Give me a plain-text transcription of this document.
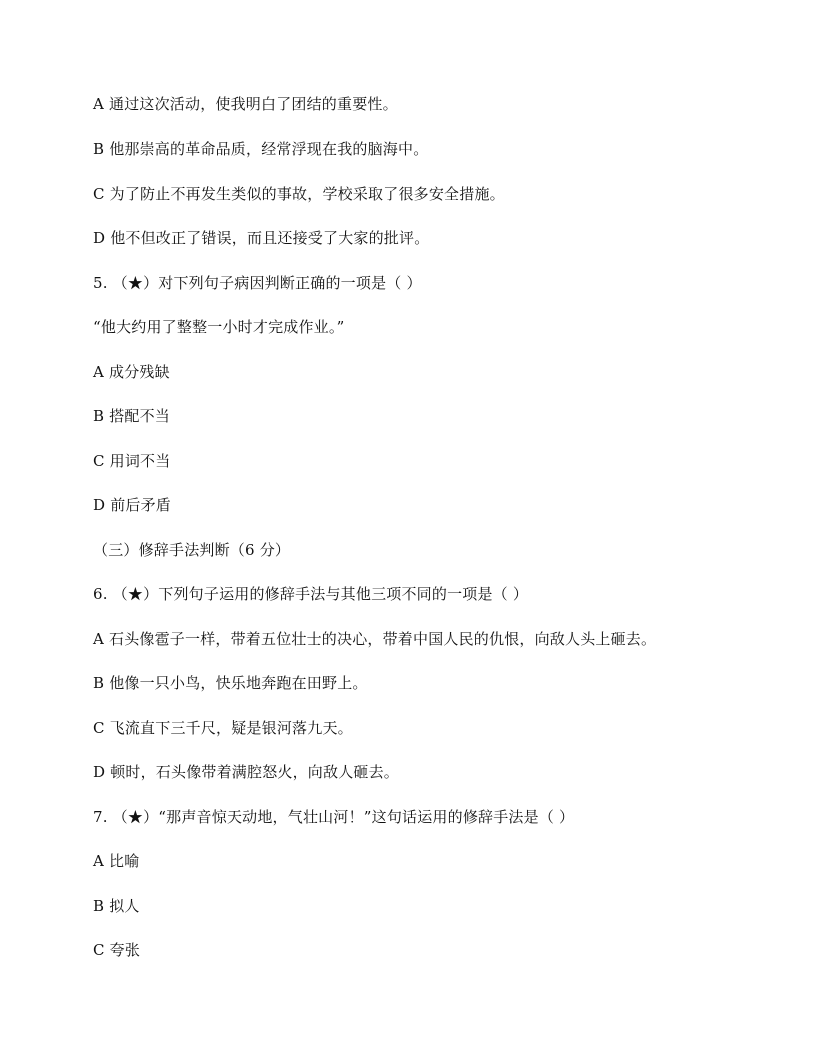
A 通过这次活动，使我明白了团结的重要性。
B 他那崇高的革命品质，经常浮现在我的脑海中。
C 为了防止不再发生类似的事故，学校采取了很多安全措施。
D 他不但改正了错误，而且还接受了大家的批评。
5. （★）对下列句子病因判断正确的一项是（ ）
“他大约用了整整一小时才完成作业。”
A 成分残缺
B 搭配不当
C 用词不当
D 前后矛盾
（三）修辞手法判断（6 分）
6. （★）下列句子运用的修辞手法与其他三项不同的一项是（ ）
A 石头像雹子一样，带着五位壮士的决心，带着中国人民的仇恨，向敌人头上砸去。
B 他像一只小鸟，快乐地奔跑在田野上。
C 飞流直下三千尺，疑是银河落九天。
D 顿时，石头像带着满腔怒火，向敌人砸去。
7. （★）“那声音惊天动地，气壮山河！”这句话运用的修辞手法是（ ）
A 比喻
B 拟人
C 夸张
